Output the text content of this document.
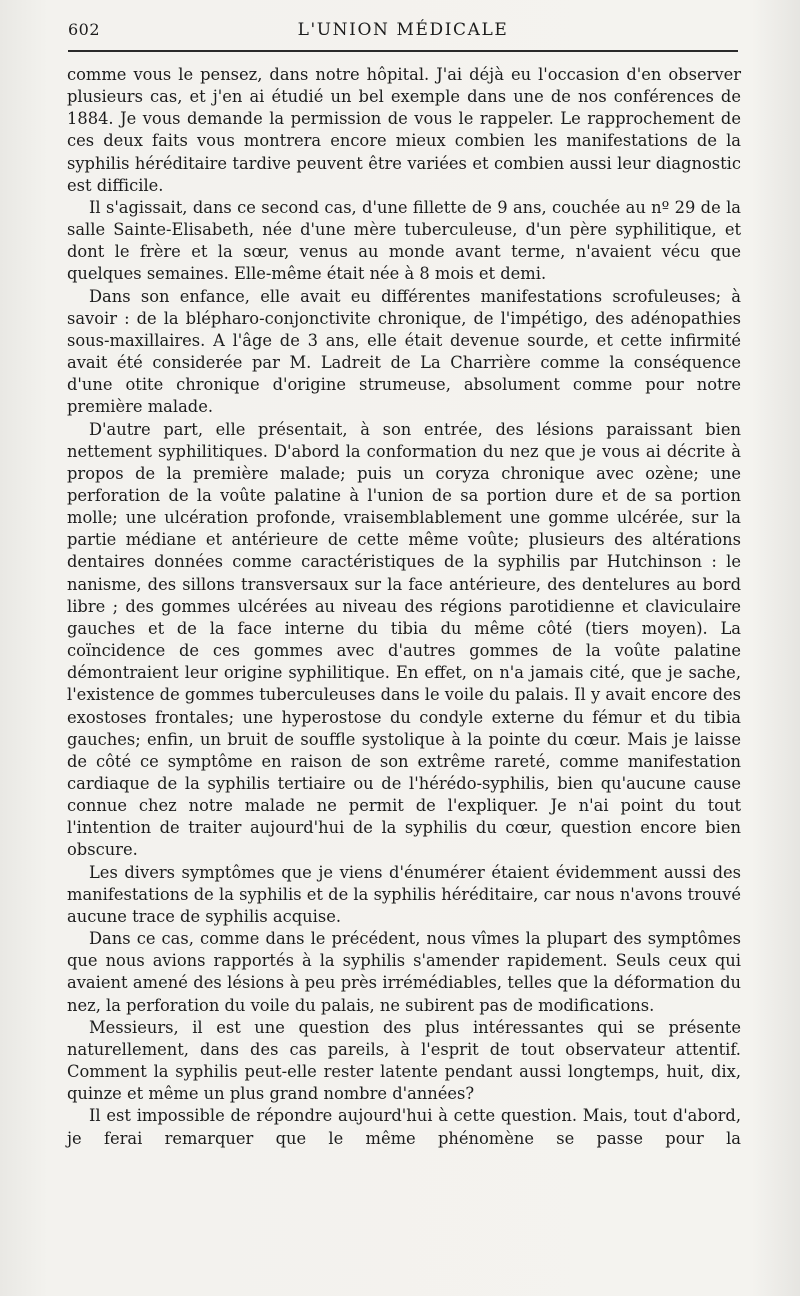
602	L'UNION MÉDICALE

comme vous le pensez, dans notre hôpital. J'ai déjà eu l'occasion d'en observer plusieurs cas, et j'en ai étudié un bel exemple dans une de nos conférences de 1884. Je vous demande la permission de vous le rappeler. Le rapprochement de ces deux faits vous montrera encore mieux combien les manifestations de la syphilis héréditaire tardive peuvent être variées et combien aussi leur diagnostic est difficile.

Il s'agissait, dans ce second cas, d'une fillette de 9 ans, couchée au nº 29 de la salle Sainte-Elisabeth, née d'une mère tuberculeuse, d'un père syphilitique, et dont le frère et la sœur, venus au monde avant terme, n'avaient vécu que quelques semaines. Elle-même était née à 8 mois et demi.

Dans son enfance, elle avait eu différentes manifestations scrofuleuses; à savoir : de la blépharo-conjonctivite chronique, de l'impétigo, des adénopathies sous-maxillaires. A l'âge de 3 ans, elle était devenue sourde, et cette infirmité avait été considerée par M. Ladreit de La Charrière comme la conséquence d'une otite chronique d'origine strumeuse, absolument comme pour notre première malade.

D'autre part, elle présentait, à son entrée, des lésions paraissant bien nettement syphilitiques. D'abord la conformation du nez que je vous ai décrite à propos de la première malade; puis un coryza chronique avec ozène; une perforation de la voûte palatine à l'union de sa portion dure et de sa portion molle; une ulcération profonde, vraisemblablement une gomme ulcérée, sur la partie médiane et antérieure de cette même voûte; plusieurs des altérations dentaires données comme caractéristiques de la syphilis par Hutchinson : le nanisme, des sillons transversaux sur la face antérieure, des dentelures au bord libre ; des gommes ulcérées au niveau des régions parotidienne et claviculaire gauches et de la face interne du tibia du même côté (tiers moyen). La coïncidence de ces gommes avec d'autres gommes de la voûte palatine démontraient leur origine syphilitique. En effet, on n'a jamais cité, que je sache, l'existence de gommes tuberculeuses dans le voile du palais. Il y avait encore des exostoses frontales; une hyperostose du condyle externe du fémur et du tibia gauches; enfin, un bruit de souffle systolique à la pointe du cœur. Mais je laisse de côté ce symptôme en raison de son extrême rareté, comme manifestation cardiaque de la syphilis tertiaire ou de l'hérédo-syphilis, bien qu'aucune cause connue chez notre malade ne permit de l'expliquer. Je n'ai point du tout l'intention de traiter aujourd'hui de la syphilis du cœur, question encore bien obscure.

Les divers symptômes que je viens d'énumérer étaient évidemment aussi des manifestations de la syphilis et de la syphilis héréditaire, car nous n'avons trouvé aucune trace de syphilis acquise.

Dans ce cas, comme dans le précédent, nous vîmes la plupart des symptômes que nous avions rapportés à la syphilis s'amender rapidement. Seuls ceux qui avaient amené des lésions à peu près irrémédiables, telles que la déformation du nez, la perforation du voile du palais, ne subirent pas de modifications.

Messieurs, il est une question des plus intéressantes qui se présente naturellement, dans des cas pareils, à l'esprit de tout observateur attentif. Comment la syphilis peut-elle rester latente pendant aussi longtemps, huit, dix, quinze et même un plus grand nombre d'années?

Il est impossible de répondre aujourd'hui à cette question. Mais, tout d'abord, je ferai remarquer que le même phénomène se passe pour la
